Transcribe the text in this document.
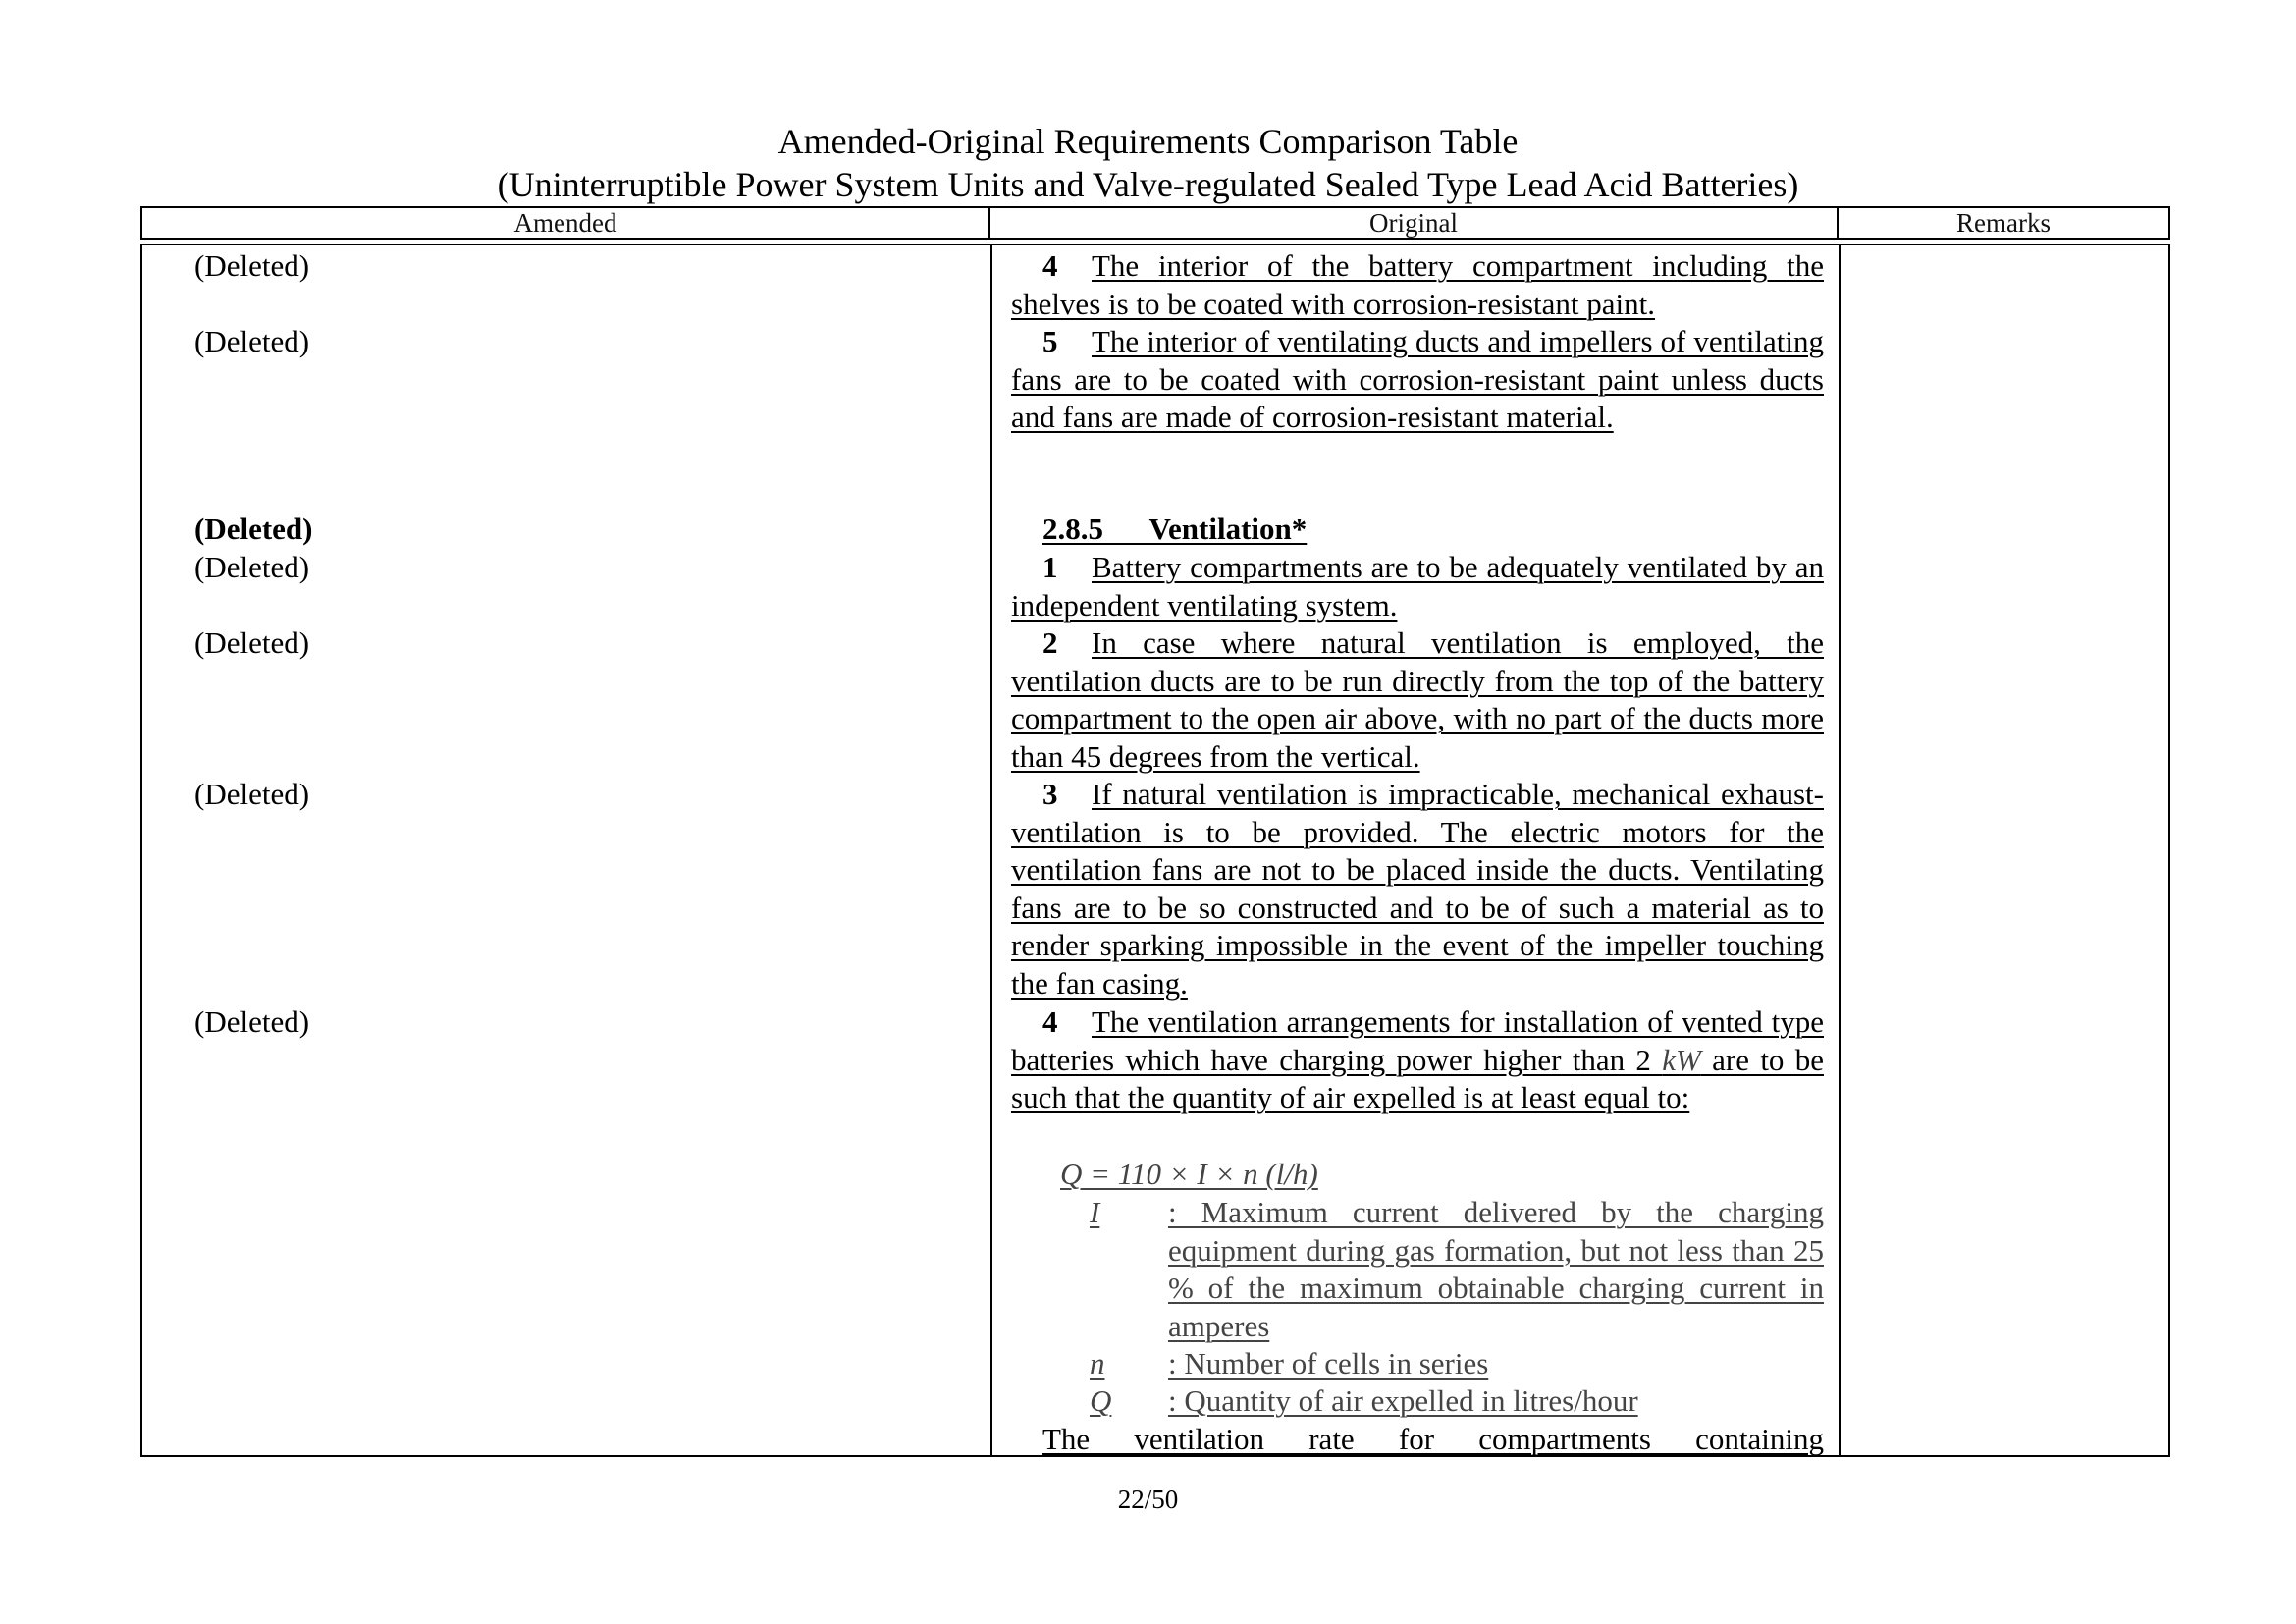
Amended-Original Requirements Comparison Table
(Uninterruptible Power System Units and Valve-regulated Sealed Type Lead Acid Batteries)
Amended	Original	Remarks
(Deleted)
(Deleted)
(Deleted)
(Deleted)
(Deleted)
(Deleted)
(Deleted)
4 The interior of the battery compartment including the shelves is to be coated with corrosion-resistant paint.
5 The interior of ventilating ducts and impellers of ventilating fans are to be coated with corrosion-resistant paint unless ducts and fans are made of corrosion-resistant material.
2.8.5 Ventilation*
1 Battery compartments are to be adequately ventilated by an independent ventilating system.
2 In case where natural ventilation is employed, the ventilation ducts are to be run directly from the top of the battery compartment to the open air above, with no part of the ducts more than 45 degrees from the vertical.
3 If natural ventilation is impracticable, mechanical exhaust-ventilation is to be provided. The electric motors for the ventilation fans are not to be placed inside the ducts. Ventilating fans are to be so constructed and to be of such a material as to render sparking impossible in the event of the impeller touching the fan casing.
4 The ventilation arrangements for installation of vented type batteries which have charging power higher than 2 kW are to be such that the quantity of air expelled is at least equal to:
Q = 110 × I × n (l/h)
I : Maximum current delivered by the charging equipment during gas formation, but not less than 25 % of the maximum obtainable charging current in amperes
n : Number of cells in series
Q : Quantity of air expelled in litres/hour
The ventilation rate for compartments containing
22/50
